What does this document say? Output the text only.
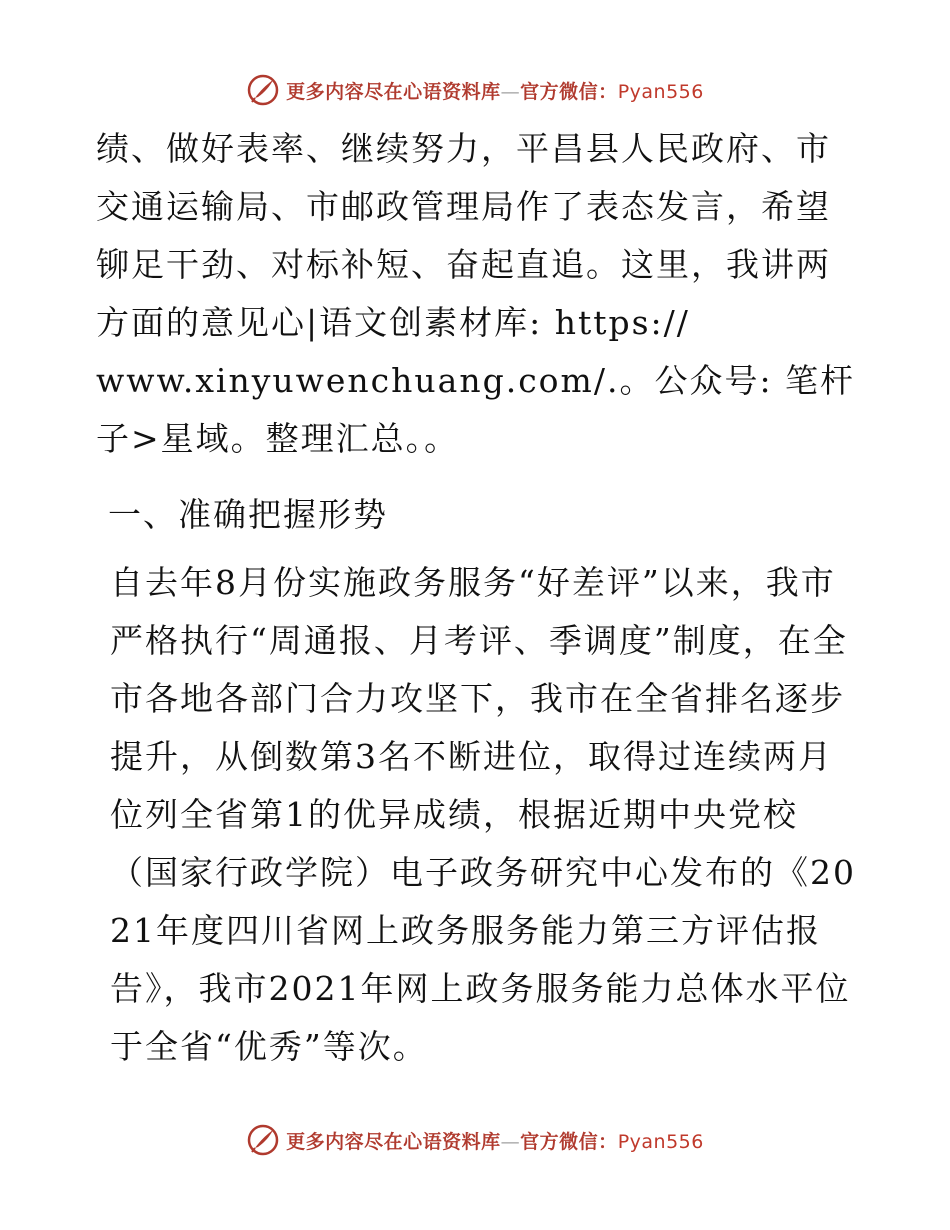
更多内容尽在心语资料库—官方微信：Pyan556

绩、做好表率、继续努力，平昌县人民政府、市交通运输局、市邮政管理局作了表态发言，希望铆足干劲、对标补短、奋起直追。这里，我讲两方面的意见心|语文创素材库: https://

www.xinyuwenchuang.com/.。公众号: 笔杆子>星域。整理汇总。。

一、准确把握形势

自去年8月份实施政务服务“好差评”以来，我市严格执行“周通报、月考评、季调度”制度，在全市各地各部门合力攻坚下，我市在全省排名逐步提升，从倒数第3名不断进位，取得过连续两月位列全省第1的优异成绩，根据近期中央党校（国家行政学院）电子政务研究中心发布的《2021年度四川省网上政务服务能力第三方评估报告》，我市2021年网上政务服务能力总体水平位于全省“优秀”等次。

更多内容尽在心语资料库—官方微信：Pyan556
